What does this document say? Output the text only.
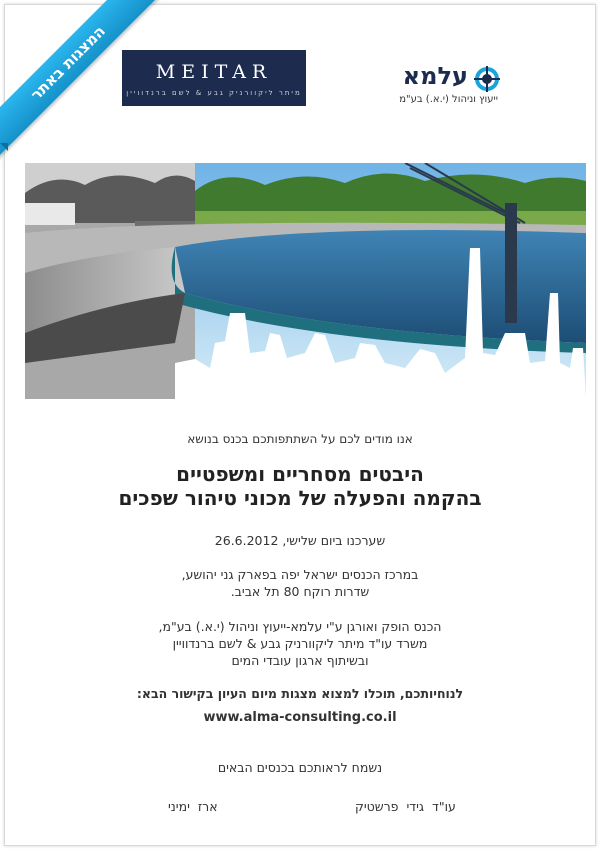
המצגות באתר	MEITAR
מיתר ליקוורניק גבע & לשם ברנדוויין
עלמא
ייעוץ וניהול (י.א.) בע"מ
אנו מודים לכם על השתתפותכם בכנס בנושא
היבטים מסחריים ומשפטיים
בהקמה והפעלה של מכוני טיהור שפכים
שערכנו ביום שלישי, 26.6.2012
במרכז הכנסים ישראל יפה בפארק גני יהושע,
שדרות רוקח 80 תל אביב.
הכנס הופק ואורגן ע"י עלמא-ייעוץ וניהול (י.א.) בע"מ,
משרד עו"ד מיתר ליקוורניק גבע & לשם ברנדוויין
ובשיתוף ארגון עובדי המים
לנוחיותכם, תוכלו למצוא מצגות מיום העיון בקישור הבא:
www.alma-consulting.co.il
נשמח לראותכם בכנסים הבאים
עו"ד גידי פרשטיק
ארז ימיני
